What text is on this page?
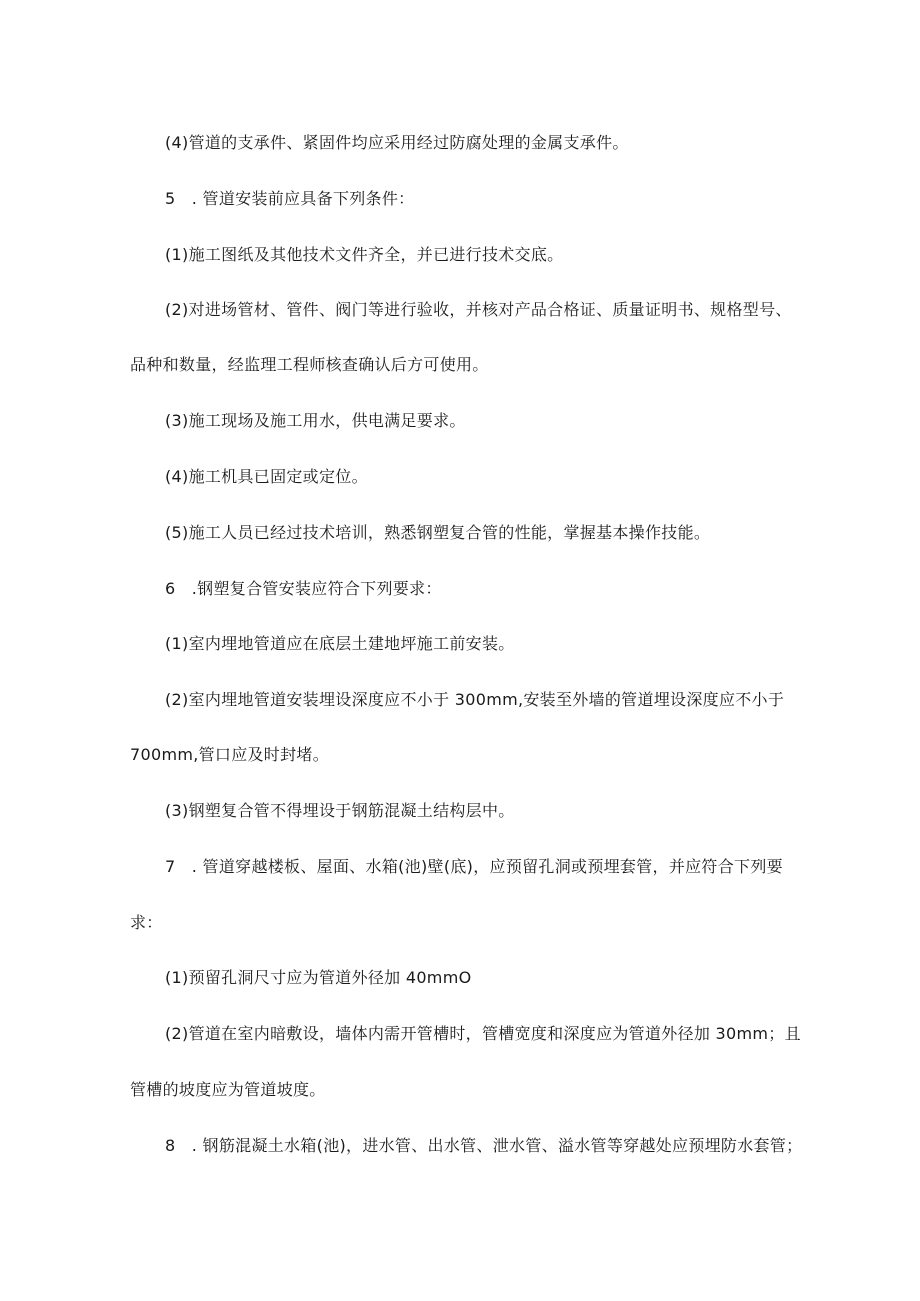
(4)管道的支承件、紧固件均应采用经过防腐处理的金属支承件。
5　. 管道安装前应具备下列条件：
(1)施工图纸及其他技术文件齐全，并已进行技术交底。
(2)对进场管材、管件、阀门等进行验收，并核对产品合格证、质量证明书、规格型号、
品种和数量，经监理工程师核查确认后方可使用。
(3)施工现场及施工用水，供电满足要求。
(4)施工机具已固定或定位。
(5)施工人员已经过技术培训，熟悉钢塑复合管的性能，掌握基本操作技能。
6　.钢塑复合管安装应符合下列要求：
(1)室内埋地管道应在底层土建地坪施工前安装。
(2)室内埋地管道安装埋设深度应不小于 300mm,安装至外墙的管道埋设深度应不小于
700mm,管口应及时封堵。
(3)钢塑复合管不得埋设于钢筋混凝土结构层中。
7　. 管道穿越楼板、屋面、水箱(池)壁(底)，应预留孔洞或预埋套管，并应符合下列要
求：
(1)预留孔洞尺寸应为管道外径加 40mmO
(2)管道在室内暗敷设，墙体内需开管槽时，管槽宽度和深度应为管道外径加 30mm；且
管槽的坡度应为管道坡度。
8　. 钢筋混凝土水箱(池)，进水管、出水管、泄水管、溢水管等穿越处应预埋防水套管；
